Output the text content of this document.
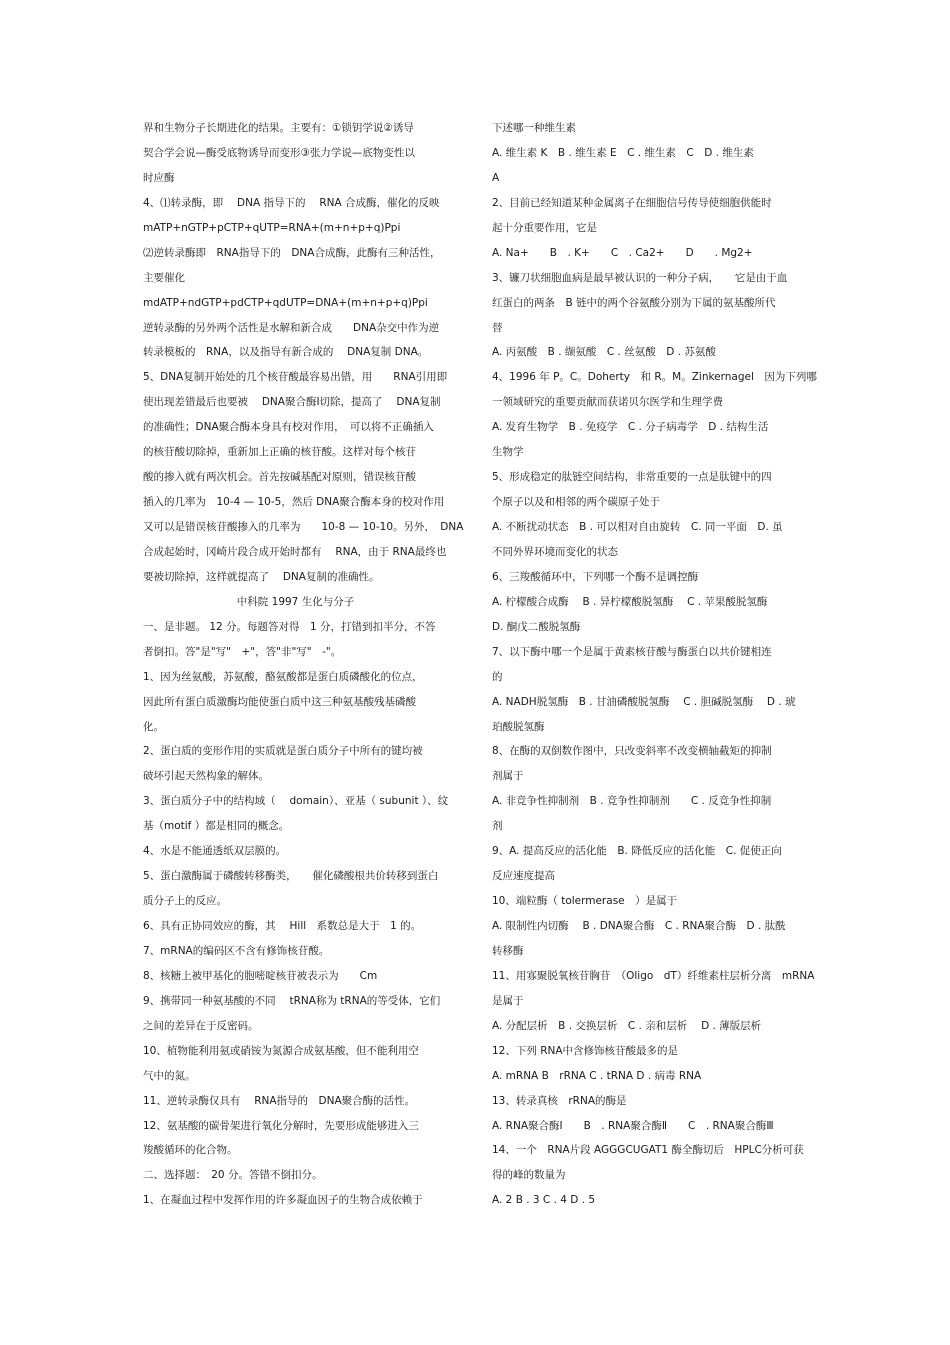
界和生物分子长期进化的结果。主要有：①锁钥学说②诱导
契合学会说—酶受底物诱导而变形③张力学说—底物变性以
时应酶
4、⑴转录酶，即　 DNA 指导下的　 RNA 合成酶，催化的反映
mATP+nGTP+pCTP+qUTP=RNA+(m+n+p+q)Ppi
⑵逆转录酶即　RNA指导下的　DNA合成酶，此酶有三种活性，
主要催化
mdATP+ndGTP+pdCTP+qdUTP=DNA+(m+n+p+q)Ppi
逆转录酶的另外两个活性是水解和新合成　　DNA杂交中作为逆
转录模板的　RNA，以及指导有新合成的　 DNA复制 DNA。
5、DNA复制开始处的几个核苷酸最容易出错，用　　RNA引用即
使出现差错最后也要被　 DNA聚合酶Ⅰ切除，提高了　 DNA复制
的准确性；DNA聚合酶本身具有校对作用，　可以将不正确插入
的核苷酸切除掉，重新加上正确的核苷酸。这样对每个核苷
酸的掺入就有两次机会。首先按碱基配对原则，错误核苷酸
插入的几率为　10-4 — 10-5，然后 DNA聚合酶本身的校对作用
又可以是错误核苷酸掺入的几率为　　10-8 — 10-10。另外，　DNA
合成起始时，冈崎片段合成开始时都有　 RNA，由于 RNA最终也
要被切除掉，这样就提高了　 DNA复制的准确性。
中科院 1997 生化与分子
一、是非题。 12 分。每题答对得　1 分，打错到扣半分，不答
者倒扣。答"是"写"　+"，答"非"写"　-"。
1、因为丝氨酸，苏氨酸，酪氨酸都是蛋白质磷酸化的位点，
因此所有蛋白质激酶均能使蛋白质中这三种氨基酸残基磷酸
化。
2、蛋白质的变形作用的实质就是蛋白质分子中所有的键均被
破坏引起天然构象的解体。
3、蛋白质分子中的结构域（　 domain）、亚基（ subunit ）、纹
基（motif ）都是相同的概念。
4、水是不能通透纸双层膜的。
5、蛋白激酶属于磷酸转移酶类，　　催化磷酸根共价转移到蛋白
质分子上的反应。
6、具有正协同效应的酶，其　 Hill　系数总是大于　1 的。
7、mRNA的编码区不含有修饰核苷酸。
8、核糖上被甲基化的胞嘧啶核苷被表示为　　Cm
9、携带同一种氨基酸的不同　 tRNA称为 tRNA的等受体，它们
之间的差异在于反密码。
10、植物能利用氨或硝铵为氮源合成氨基酸，但不能利用空
气中的氮。
11、逆转录酶仅具有　 RNA指导的　DNA聚合酶的活性。
12、氨基酸的碳骨架进行氧化分解时，先要形成能够进入三
羧酸循环的化合物。
二、选择题：　20 分。答错不倒扣分。
1、在凝血过程中发挥作用的许多凝血因子的生物合成依赖于
下述哪一种维生素
A. 维生素 K　B . 维生素 E　C . 维生素　C　D . 维生素
A
2、目前已经知道某种金属离子在细胞信号传导使细胞供能时
起十分重要作用，它是
A. Na+　　B　. K+　　C　. Ca2+　　D　　. Mg2+
3、镰刀状细胞血病是最早被认识的一种分子病，　　它是由于血
红蛋白的两条　B 链中的两个谷氨酸分别为下属的氨基酸所代
替
A. 丙氨酸　B . 缬氨酸　C . 丝氨酸　D . 苏氨酸
4、1996 年 P。C。Doherty　和 R。M。Zinkernagel　因为下列哪
一领域研究的重要贡献而获诺贝尔医学和生理学费
A. 发育生物学　B . 免疫学　C . 分子病毒学　D . 结构生活
生物学
5、形成稳定的肽链空间结构，非常重要的一点是肽键中的四
个原子以及和相邻的两个碳原子处于
A. 不断扰动状态　B . 可以相对自由旋转　C. 同一平面　D. 虽
不同外界环境而变化的状态
6、三羧酸循环中，下列哪一个酶不是调控酶
A. 柠檬酸合成酶　 B . 异柠檬酸脱氢酶　 C . 苹果酸脱氢酶
D. 酮戊二酸脱氢酶
7、以下酶中哪一个是属于黄素核苷酸与酶蛋白以共价键相连
的
A. NADH脱氢酶　B . 甘油磷酸脱氢酶　 C . 胆碱脱氢酶　 D . 琥
珀酸脱氢酶
8、在酶的双倒数作图中，只改变斜率不改变横轴截矩的抑制
剂属于
A. 非竞争性抑制剂　B . 竞争性抑制剂　　C . 反竞争性抑制
剂
9、A. 提高反应的活化能　B. 降低反应的活化能　C. 促使正向
反应速度提高
10、端粒酶（ tolermerase　）是属于
A. 限制性内切酶　 B . DNA聚合酶　C . RNA聚合酶　D . 肽酰
转移酶
11、用寡聚脱氧核苷胸苷　（Oligo　dT）纤维素柱层析分离　mRNA
是属于
A. 分配层析　B . 交换层析　C . 亲和层析　 D . 薄版层析
12、下列 RNA中含修饰核苷酸最多的是
A. mRNA B　rRNA C . tRNA D . 病毒 RNA
13、转录真核　rRNA的酶是
A. RNA聚合酶Ⅰ　　B　. RNA聚合酶Ⅱ　　C　. RNA聚合酶Ⅲ
14、一个　RNA片段 AGGGCUGAT1 酶全酶切后　HPLC分析可获
得的峰的数量为
A. 2 B . 3 C . 4 D . 5
